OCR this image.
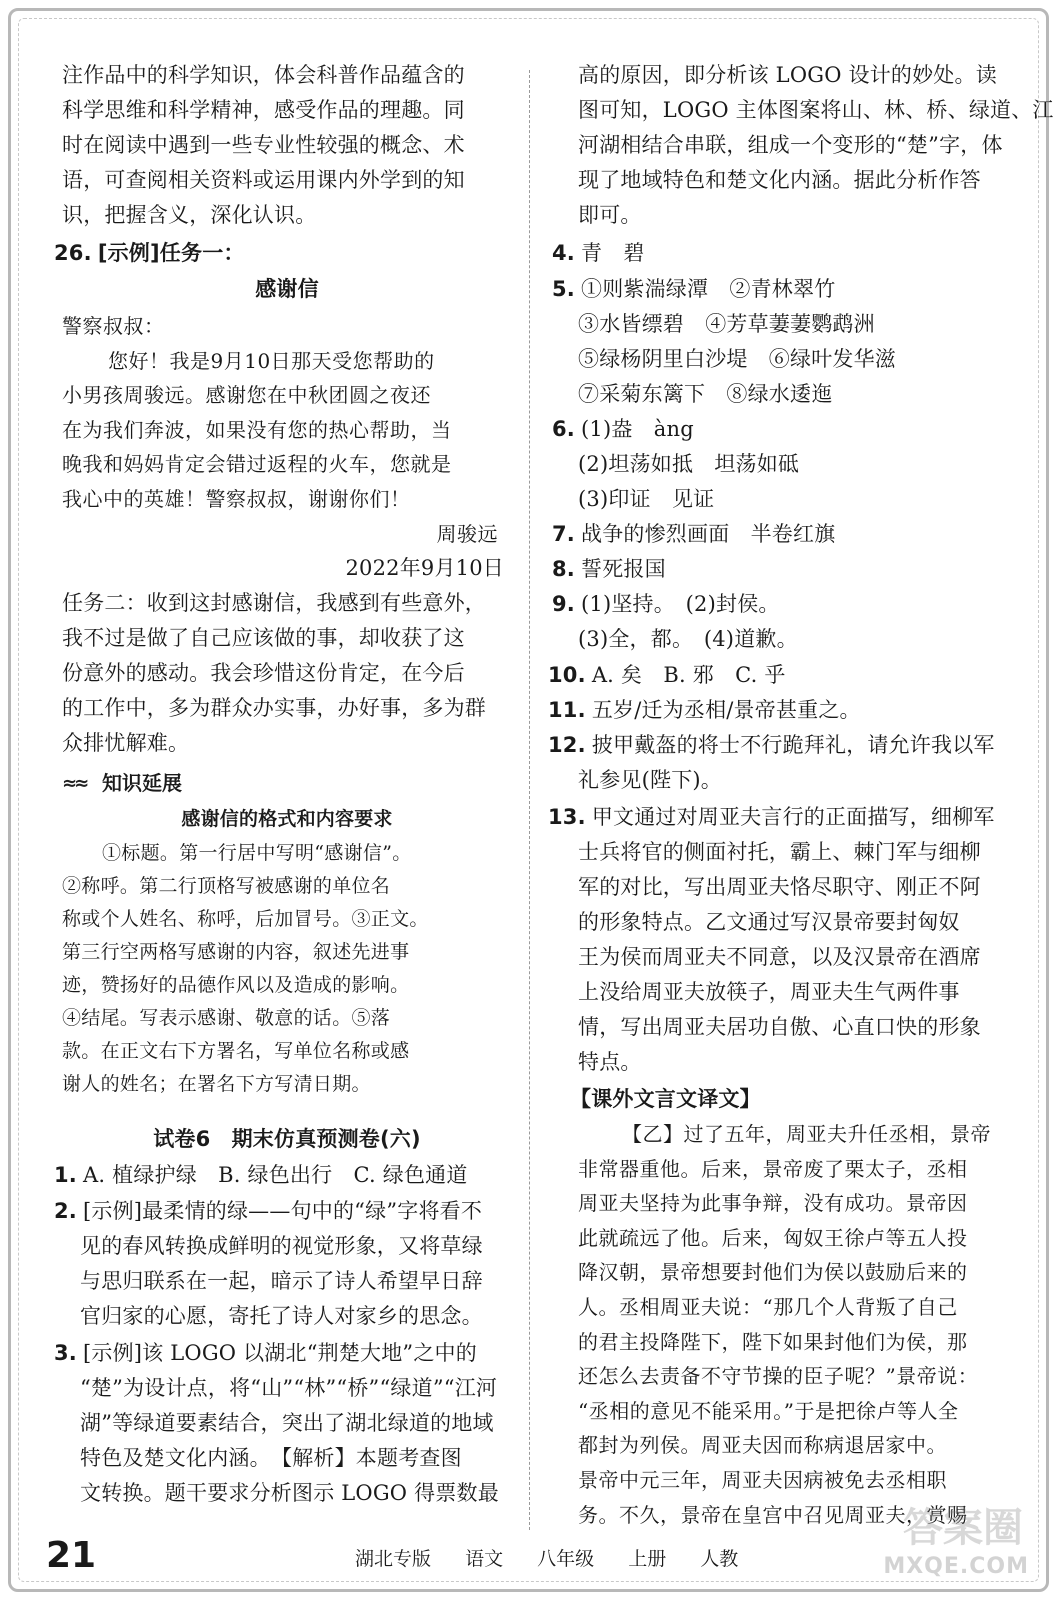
注作品中的科学知识，体会科普作品蕴含的
科学思维和科学精神，感受作品的理趣。同
时在阅读中遇到一些专业性较强的概念、术
语，可查阅相关资料或运用课内外学到的知
识，把握含义，深化认识。
26. [示例]任务一：
感谢信
警察叔叔：
您好！我是9月10日那天受您帮助的
小男孩周骏远。感谢您在中秋团圆之夜还
在为我们奔波，如果没有您的热心帮助，当
晚我和妈妈肯定会错过返程的火车，您就是
我心中的英雄！警察叔叔，谢谢你们！
周骏远
2022年9月10日
任务二：收到这封感谢信，我感到有些意外，
我不过是做了自己应该做的事，却收获了这
份意外的感动。我会珍惜这份肯定，在今后
的工作中，多为群众办实事，办好事，多为群
众排忧解难。
≈≈ 知识延展
感谢信的格式和内容要求
①标题。第一行居中写明“感谢信”。
②称呼。第二行顶格写被感谢的单位名
称或个人姓名、称呼，后加冒号。③正文。
第三行空两格写感谢的内容，叙述先进事
迹，赞扬好的品德作风以及造成的影响。
④结尾。写表示感谢、敬意的话。⑤落
款。在正文右下方署名，写单位名称或感
谢人的姓名；在署名下方写清日期。
试卷6　期末仿真预测卷(六)
1. A. 植绿护绿　B. 绿色出行　C. 绿色通道
2. [示例]最柔情的绿——句中的“绿”字将看不
见的春风转换成鲜明的视觉形象，又将草绿
与思归联系在一起，暗示了诗人希望早日辞
官归家的心愿，寄托了诗人对家乡的思念。
3. [示例]该 LOGO 以湖北“荆楚大地”之中的
“楚”为设计点，将“山”“林”“桥”“绿道”“江河
湖”等绿道要素结合，突出了湖北绿道的地域
特色及楚文化内涵。　【解析】本题考查图
文转换。题干要求分析图示 LOGO 得票数最
高的原因，即分析该 LOGO 设计的妙处。读
图可知，LOGO 主体图案将山、林、桥、绿道、江
河湖相结合串联，组成一个变形的“楚”字，体
现了地域特色和楚文化内涵。据此分析作答
即可。
4. 青　碧
5. ①则紫湍绿潭　②青林翠竹
③水皆缥碧　④芳草萋萋鹦鹉洲
⑤绿杨阴里白沙堤　⑥绿叶发华滋
⑦采菊东篱下　⑧绿水逶迤
6. (1)盎　àng
(2)坦荡如抵　坦荡如砥
(3)印证　见证
7. 战争的惨烈画面　半卷红旗
8. 誓死报国
9. (1)坚持。　(2)封侯。
(3)全，都。　(4)道歉。
10. A. 矣　B. 邪　C. 乎
11. 五岁/迁为丞相/景帝甚重之。
12. 披甲戴盔的将士不行跪拜礼，请允许我以军
礼参见(陛下)。
13. 甲文通过对周亚夫言行的正面描写，细柳军
士兵将官的侧面衬托，霸上、棘门军与细柳
军的对比，写出周亚夫恪尽职守、刚正不阿
的形象特点。乙文通过写汉景帝要封匈奴
王为侯而周亚夫不同意，以及汉景帝在酒席
上没给周亚夫放筷子，周亚夫生气两件事
情，写出周亚夫居功自傲、心直口快的形象
特点。
【课外文言文译文】
【乙】过了五年，周亚夫升任丞相，景帝
非常器重他。后来，景帝废了栗太子，丞相
周亚夫坚持为此事争辩，没有成功。景帝因
此就疏远了他。后来，匈奴王徐卢等五人投
降汉朝，景帝想要封他们为侯以鼓励后来的
人。丞相周亚夫说：“那几个人背叛了自己
的君主投降陛下，陛下如果封他们为侯，那
还怎么去责备不守节操的臣子呢？”景帝说：
“丞相的意见不能采用。”于是把徐卢等人全
都封为列侯。周亚夫因而称病退居家中。
景帝中元三年，周亚夫因病被免去丞相职
务。不久，景帝在皇宫中召见周亚夫，赏赐
21	湖北专版 语文 八年级 上册 人教
答案圈
MXQE.COM
